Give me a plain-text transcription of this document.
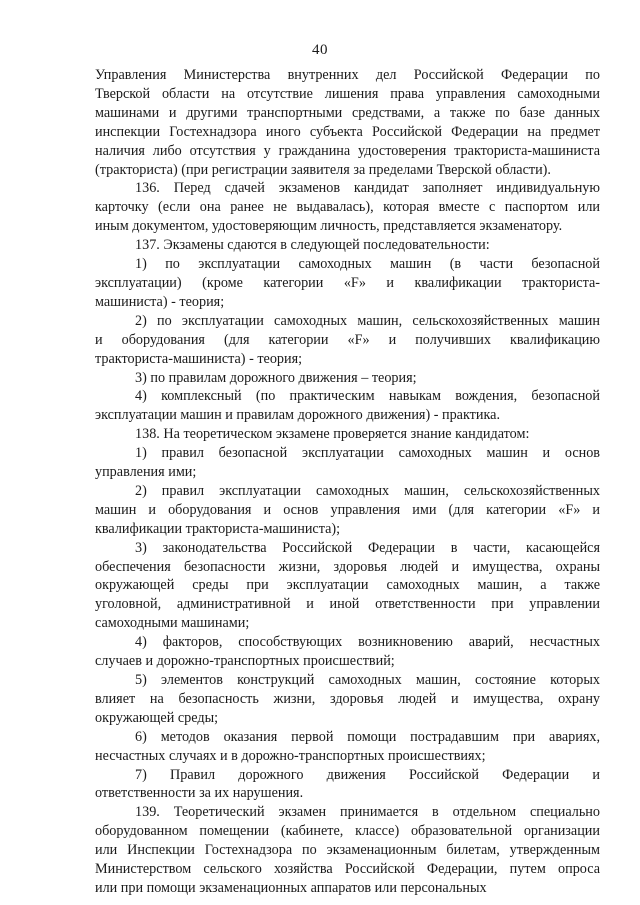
40
Управления Министерства внутренних дел Российской Федерации по
Тверской области на отсутствие лишения права управления самоходными
машинами и другими транспортными средствами, а также по базе данных
инспекции Гостехнадзора иного субъекта Российской Федерации на предмет
наличия либо отсутствия у гражданина удостоверения тракториста-машиниста
(тракториста) (при регистрации заявителя за пределами Тверской области).
136. Перед сдачей экзаменов кандидат заполняет индивидуальную
карточку (если она ранее не выдавалась), которая вместе с паспортом или
иным документом, удостоверяющим личность, представляется экзаменатору.
137. Экзамены сдаются в следующей последовательности:
1) по эксплуатации самоходных машин (в части безопасной
эксплуатации) (кроме категории «F» и квалификации тракториста-
машиниста) - теория;
2) по эксплуатации самоходных машин, сельскохозяйственных машин
и оборудования (для категории «F» и получивших квалификацию
тракториста-машиниста) - теория;
3) по правилам дорожного движения – теория;
4) комплексный (по практическим навыкам вождения, безопасной
эксплуатации машин и правилам дорожного движения) - практика.
138. На теоретическом экзамене проверяется знание кандидатом:
1) правил безопасной эксплуатации самоходных машин и основ
управления ими;
2) правил эксплуатации самоходных машин, сельскохозяйственных
машин и оборудования и основ управления ими (для категории «F» и
квалификации тракториста-машиниста);
3) законодательства Российской Федерации в части, касающейся
обеспечения безопасности жизни, здоровья людей и имущества, охраны
окружающей среды при эксплуатации самоходных машин, а также
уголовной, административной и иной ответственности при управлении
самоходными машинами;
4) факторов, способствующих возникновению аварий, несчастных
случаев и дорожно-транспортных происшествий;
5) элементов конструкций самоходных машин, состояние которых
влияет на безопасность жизни, здоровья людей и имущества, охрану
окружающей среды;
6) методов оказания первой помощи пострадавшим при авариях,
несчастных случаях и в дорожно-транспортных происшествиях;
7) Правил дорожного движения Российской Федерации и
ответственности за их нарушения.
139. Теоретический экзамен принимается в отдельном специально
оборудованном помещении (кабинете, классе) образовательной организации
или Инспекции Гостехнадзора по экзаменационным билетам, утвержденным
Министерством сельского хозяйства Российской Федерации, путем опроса
или при помощи экзаменационных аппаратов или персональных
